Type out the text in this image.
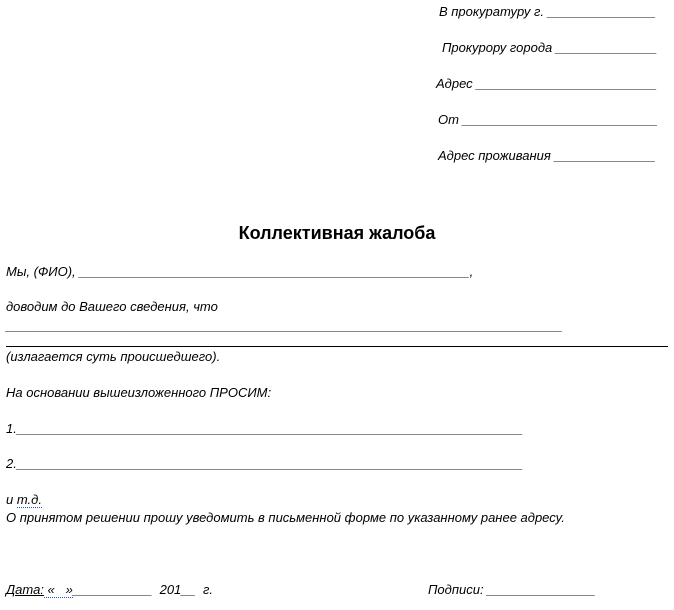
В прокуратуру г. _______________
Прокурору города ______________
Адрес _________________________
От ___________________________
Адрес проживания ______________
Коллективная жалоба
Мы, (ФИО), ______________________________________________________,
доводим до Вашего сведения, что
_____________________________________________________________________________
(излагается суть происшедшего).
На основании вышеизложенного ПРОСИМ:
1.______________________________________________________________________
2.______________________________________________________________________
и т.д.
О принятом решении прошу уведомить в письменной форме по указанному ранее адресу.
Дата: «   »___________  201__  г.	Подписи: _______________
